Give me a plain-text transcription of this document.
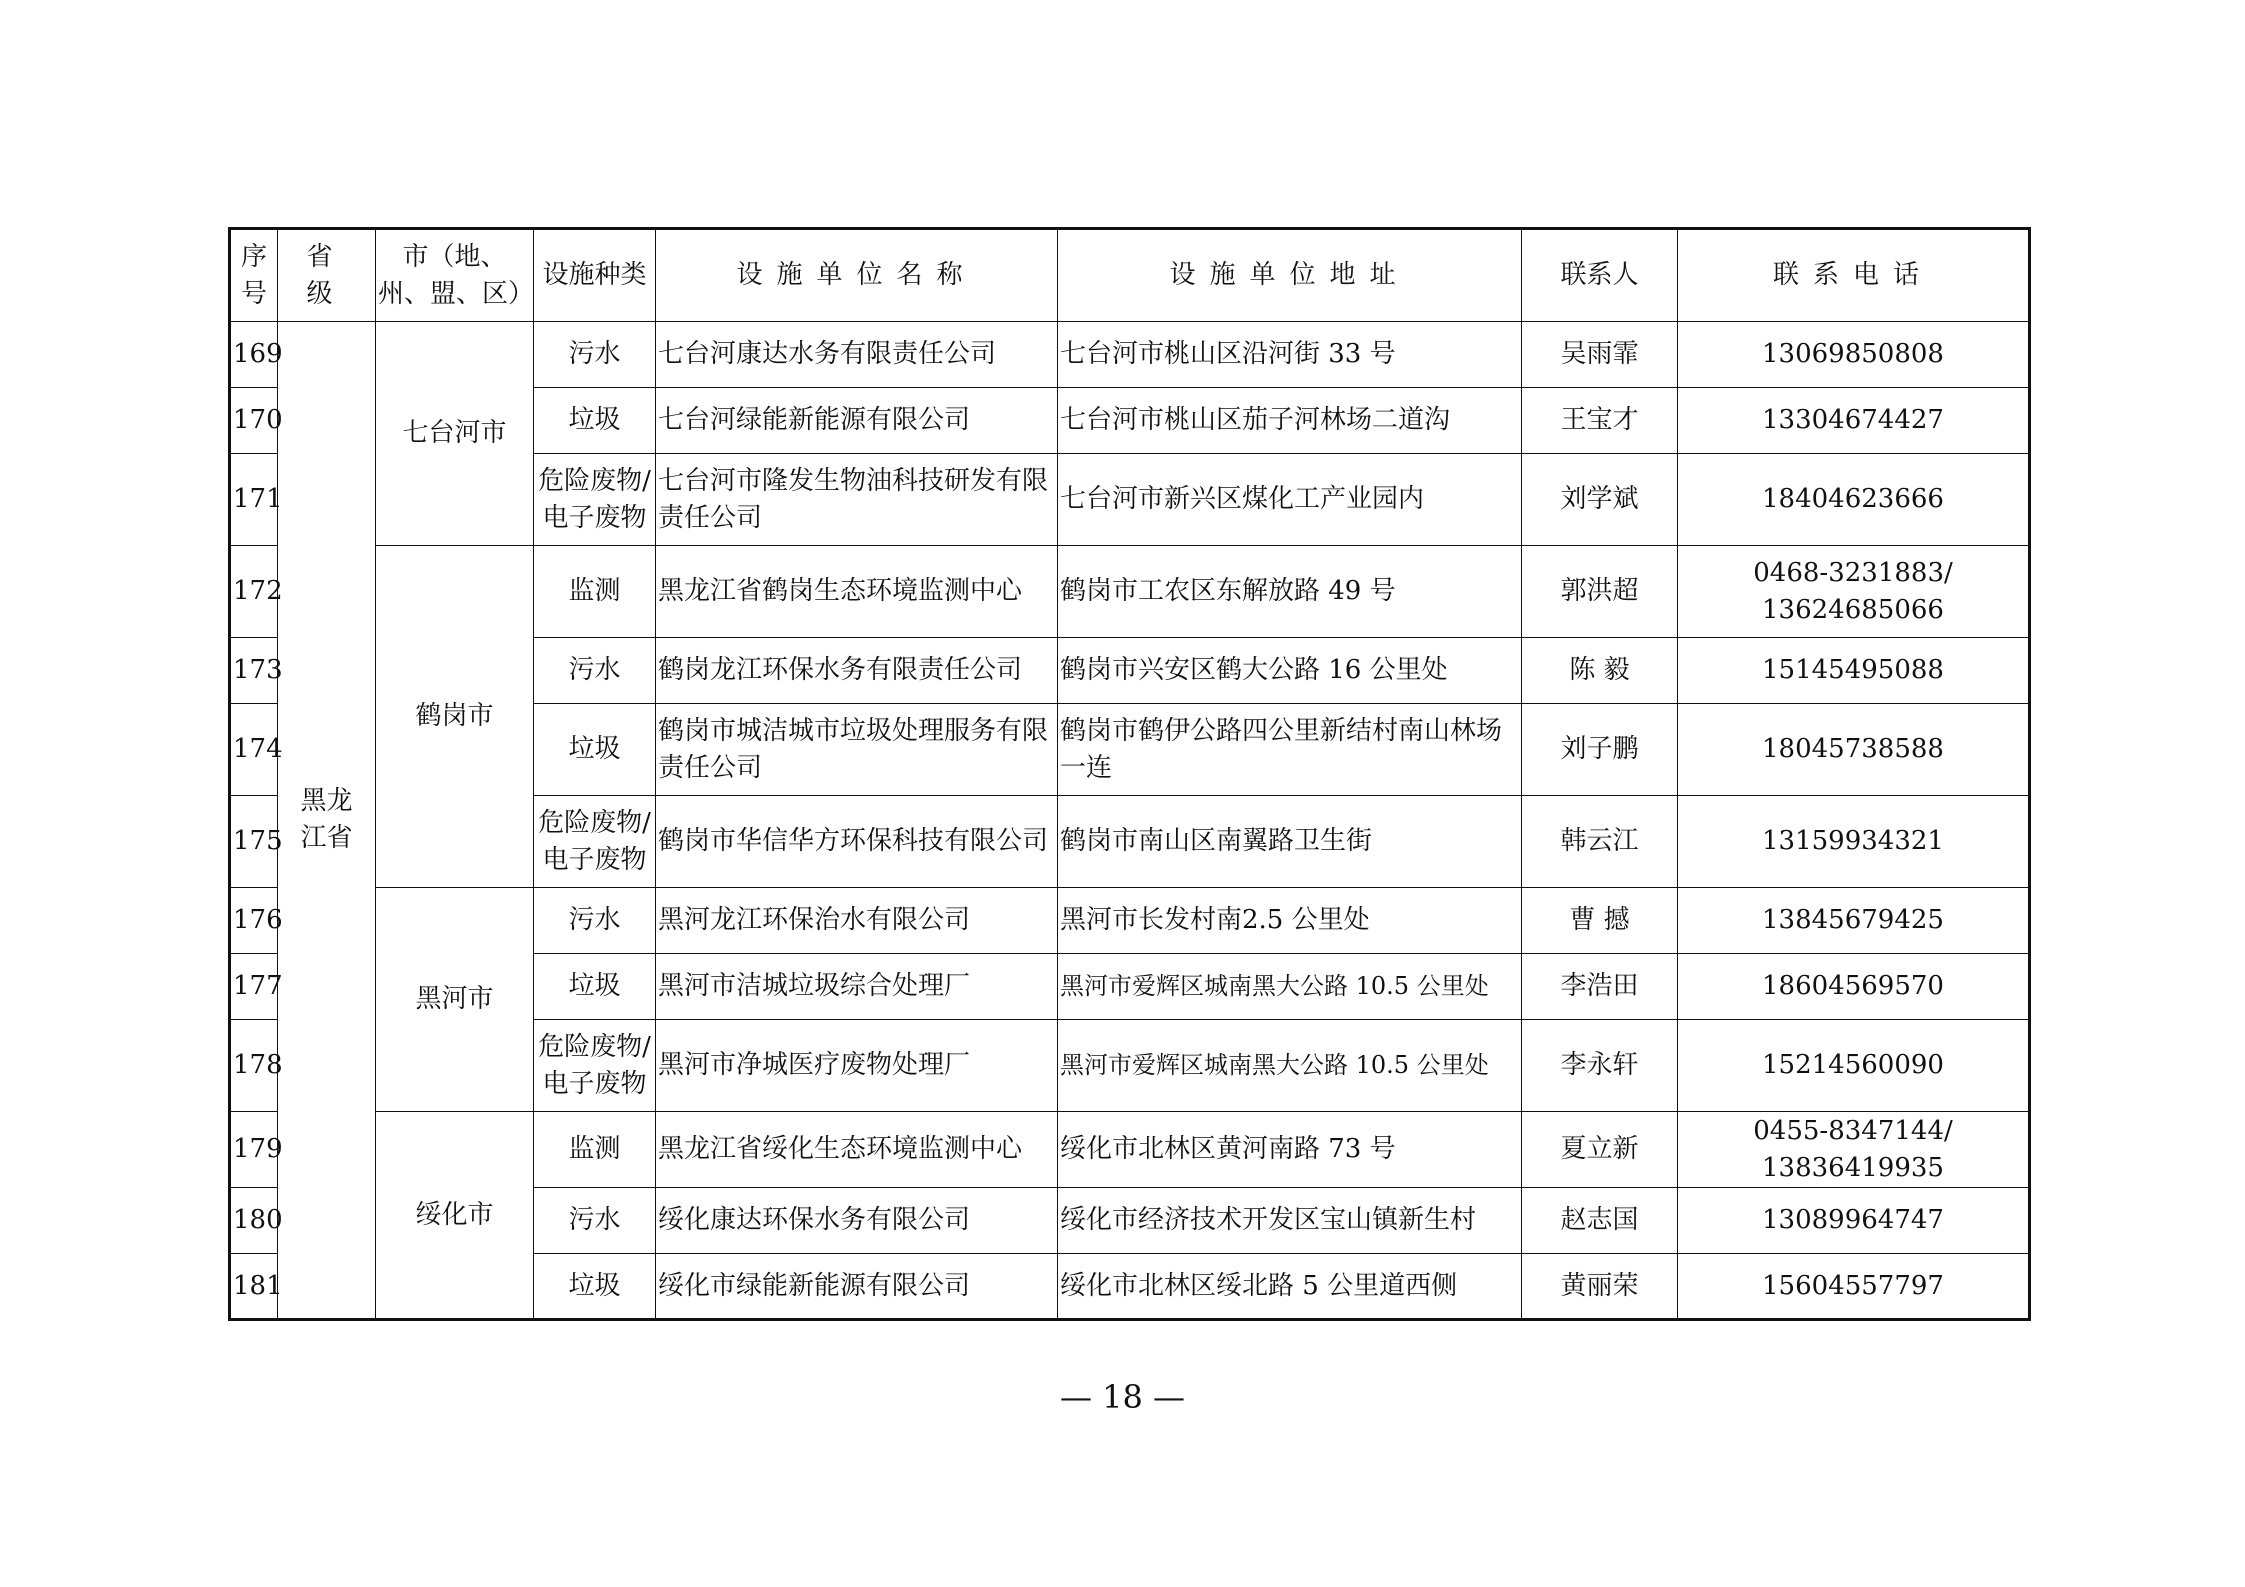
序号	省 级	市（地、州、盟、区）	设施种类	设施单位名称	设施单位地址	联系人	联系电话
169	黑龙江省	七台河市	污水	七台河康达水务有限责任公司	七台河市桃山区沿河街 33 号	吴雨霏	13069850808
170			垃圾	七台河绿能新能源有限公司	七台河市桃山区茄子河林场二道沟	王宝才	13304674427
171			危险废物/电子废物	七台河市隆发生物油科技研发有限责任公司	七台河市新兴区煤化工产业园内	刘学斌	18404623666
172		鹤岗市	监测	黑龙江省鹤岗生态环境监测中心	鹤岗市工农区东解放路 49 号	郭洪超	0468-3231883/ 13624685066
173			污水	鹤岗龙江环保水务有限责任公司	鹤岗市兴安区鹤大公路 16 公里处	陈 毅	15145495088
174			垃圾	鹤岗市城洁城市垃圾处理服务有限责任公司	鹤岗市鹤伊公路四公里新结村南山林场一连	刘子鹏	18045738588
175			危险废物/电子废物	鹤岗市华信华方环保科技有限公司	鹤岗市南山区南翼路卫生街	韩云江	13159934321
176		黑河市	污水	黑河龙江环保治水有限公司	黑河市长发村南2.5 公里处	曹 撼	13845679425
177			垃圾	黑河市洁城垃圾综合处理厂	黑河市爱辉区城南黑大公路 10.5 公里处	李浩田	18604569570
178			危险废物/电子废物	黑河市净城医疗废物处理厂	黑河市爱辉区城南黑大公路 10.5 公里处	李永轩	15214560090
179		绥化市	监测	黑龙江省绥化生态环境监测中心	绥化市北林区黄河南路 73 号	夏立新	0455-8347144/ 13836419935
180			污水	绥化康达环保水务有限公司	绥化市经济技术开发区宝山镇新生村	赵志国	13089964747
181			垃圾	绥化市绿能新能源有限公司	绥化市北林区绥北路 5 公里道西侧	黄丽荣	15604557797
— 18 —
